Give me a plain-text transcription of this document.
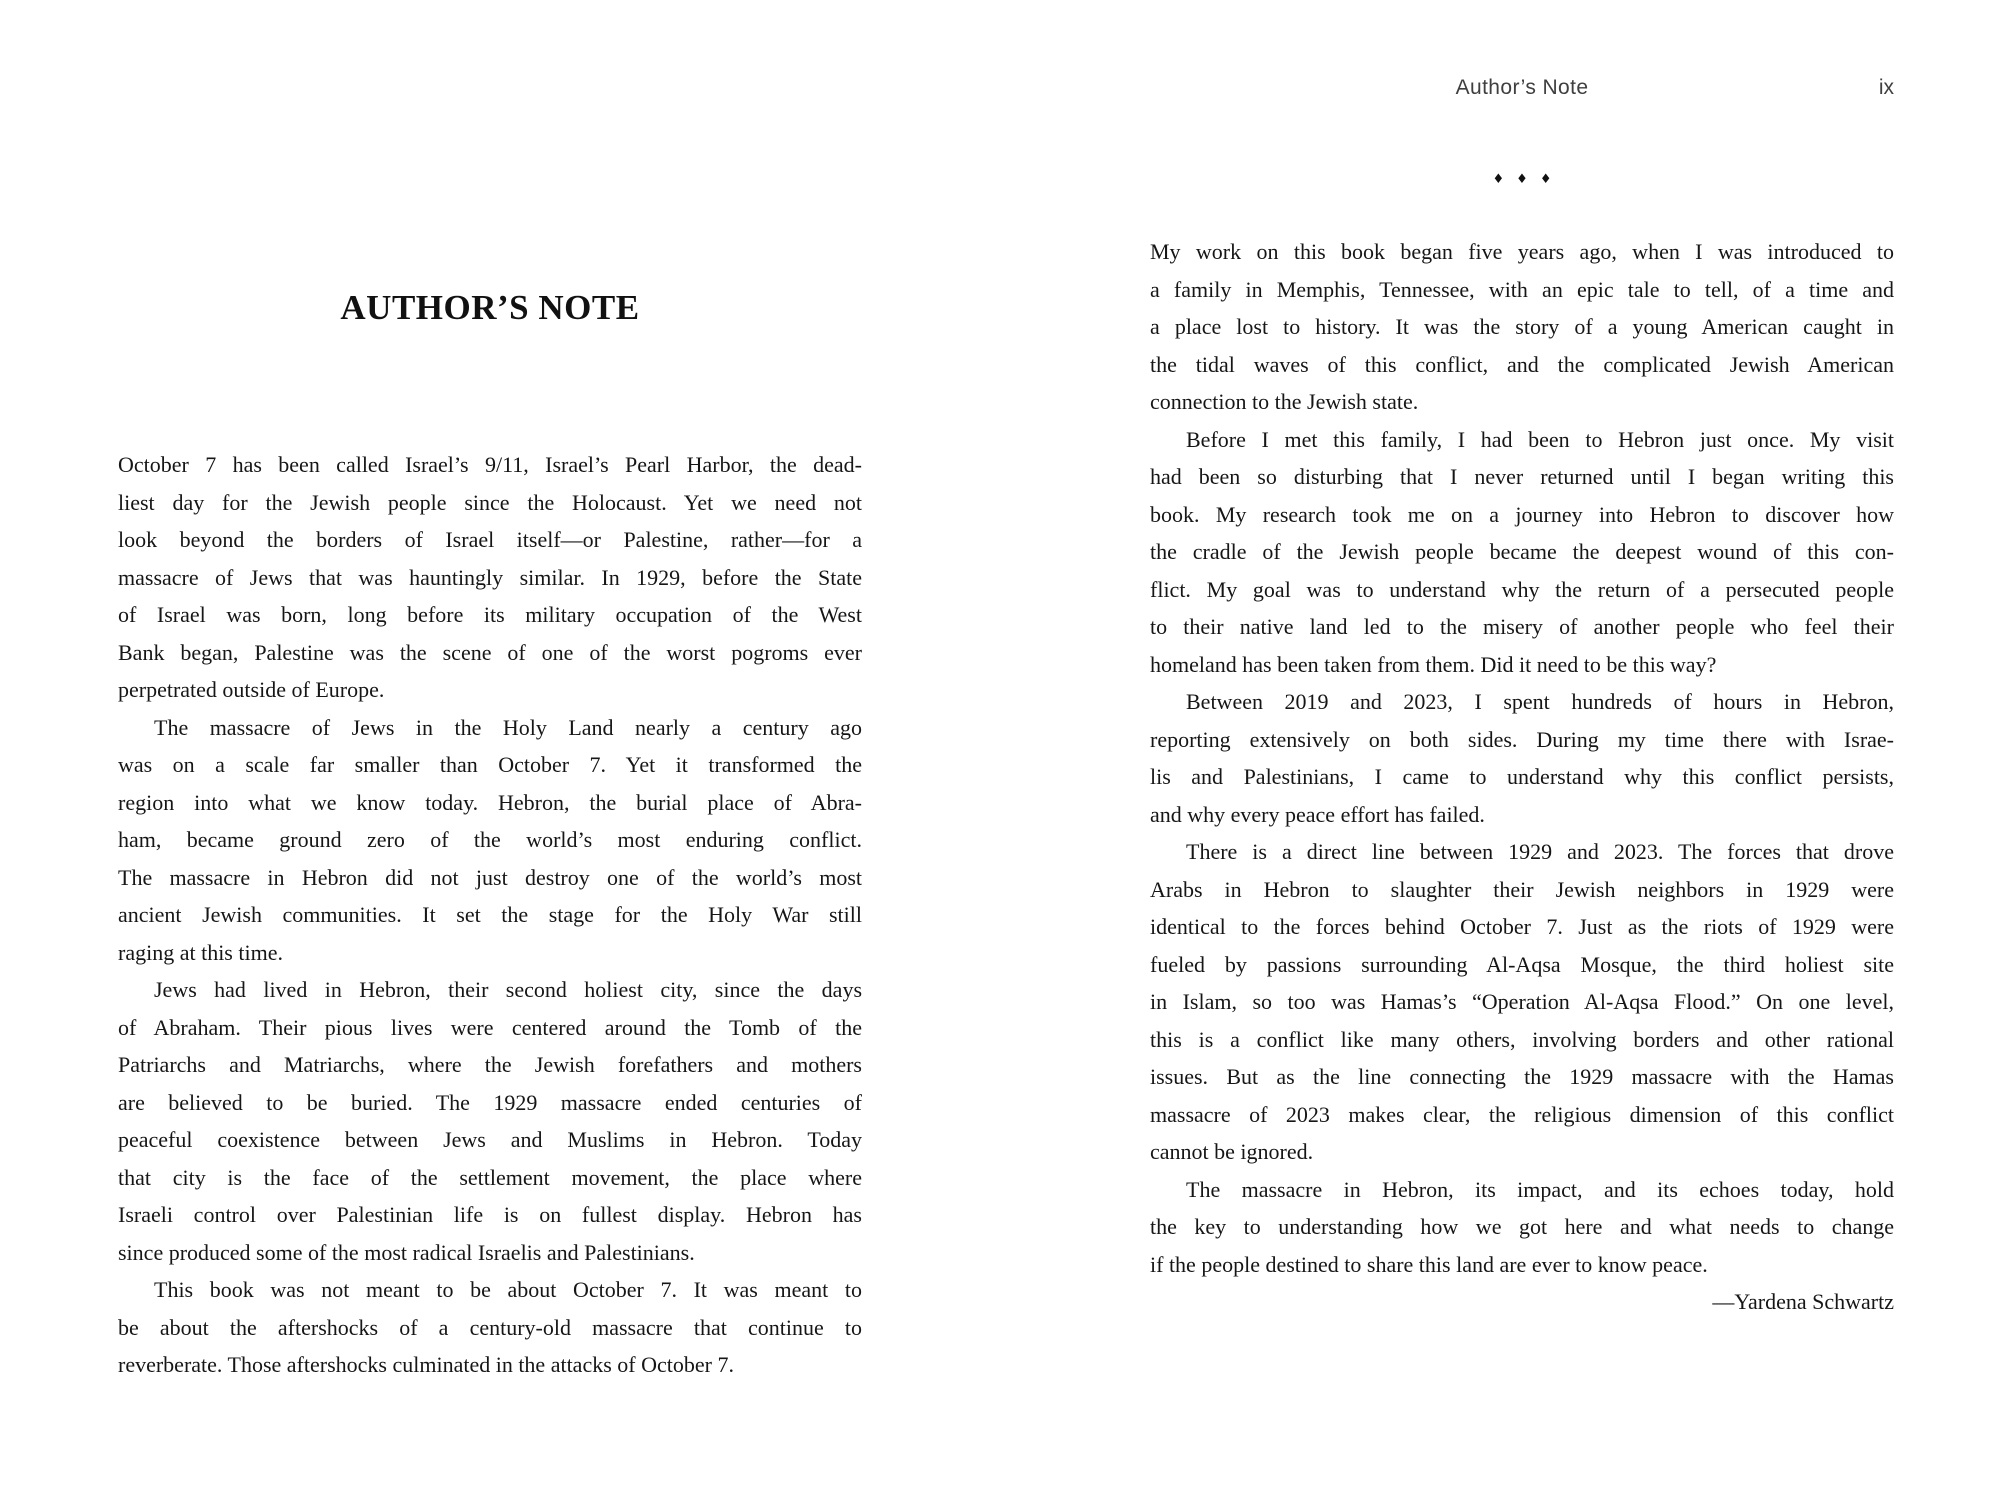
AUTHOR’S NOTE
October 7 has been called Israel’s 9/11, Israel’s Pearl Harbor, the dead-
liest day for the Jewish people since the Holocaust. Yet we need not
look beyond the borders of Israel itself—or Palestine, rather—for a
massacre of Jews that was hauntingly similar. In 1929, before the State
of Israel was born, long before its military occupation of the West
Bank began, Palestine was the scene of one of the worst pogroms ever
perpetrated outside of Europe.
The massacre of Jews in the Holy Land nearly a century ago
was on a scale far smaller than October 7. Yet it transformed the
region into what we know today. Hebron, the burial place of Abra-
ham, became ground zero of the world’s most enduring conflict.
The massacre in Hebron did not just destroy one of the world’s most
ancient Jewish communities. It set the stage for the Holy War still
raging at this time.
Jews had lived in Hebron, their second holiest city, since the days
of Abraham. Their pious lives were centered around the Tomb of the
Patriarchs and Matriarchs, where the Jewish forefathers and mothers
are believed to be buried. The 1929 massacre ended centuries of
peaceful coexistence between Jews and Muslims in Hebron. Today
that city is the face of the settlement movement, the place where
Israeli control over Palestinian life is on fullest display. Hebron has
since produced some of the most radical Israelis and Palestinians.
This book was not meant to be about October 7. It was meant to
be about the aftershocks of a century-old massacre that continue to
reverberate. Those aftershocks culminated in the attacks of October 7.
Author’s Note	ix
♦♦♦
My work on this book began five years ago, when I was introduced to
a family in Memphis, Tennessee, with an epic tale to tell, of a time and
a place lost to history. It was the story of a young American caught in
the tidal waves of this conflict, and the complicated Jewish American
connection to the Jewish state.
Before I met this family, I had been to Hebron just once. My visit
had been so disturbing that I never returned until I began writing this
book. My research took me on a journey into Hebron to discover how
the cradle of the Jewish people became the deepest wound of this con-
flict. My goal was to understand why the return of a persecuted people
to their native land led to the misery of another people who feel their
homeland has been taken from them. Did it need to be this way?
Between 2019 and 2023, I spent hundreds of hours in Hebron,
reporting extensively on both sides. During my time there with Israe-
lis and Palestinians, I came to understand why this conflict persists,
and why every peace effort has failed.
There is a direct line between 1929 and 2023. The forces that drove
Arabs in Hebron to slaughter their Jewish neighbors in 1929 were
identical to the forces behind October 7. Just as the riots of 1929 were
fueled by passions surrounding Al-Aqsa Mosque, the third holiest site
in Islam, so too was Hamas’s “Operation Al-Aqsa Flood.” On one level,
this is a conflict like many others, involving borders and other rational
issues. But as the line connecting the 1929 massacre with the Hamas
massacre of 2023 makes clear, the religious dimension of this conflict
cannot be ignored.
The massacre in Hebron, its impact, and its echoes today, hold
the key to understanding how we got here and what needs to change
if the people destined to share this land are ever to know peace.
—Yardena Schwartz
